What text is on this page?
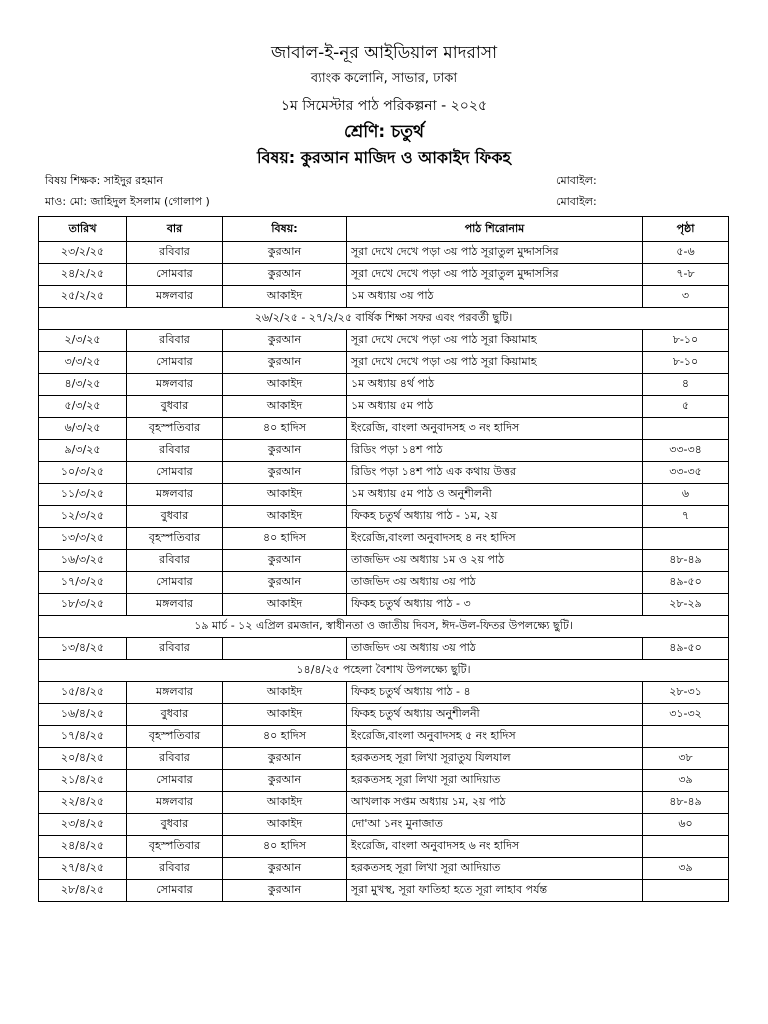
জাবাল-ই-নূর আইডিয়াল মাদরাসা
ব্যাংক কলোনি, সাভার, ঢাকা
১ম সিমেস্টার পাঠ পরিকল্পনা - ২০২৫
শ্রেণি: চতুর্থ
বিষয়: কুরআন মাজিদ ও আকাইদ ফিকহ
বিষয় শিক্ষক: সাইদুর রহমান	মোবাইল:
মাও: মো: জাহিদুল ইসলাম (গোলাপ )	মোবাইল:
তারিখ	বার	বিষয়:	পাঠ শিরোনাম	পৃষ্ঠা
২৩/২/২৫	রবিবার	কুরআন	সূরা দেখে দেখে পড়া ৩য় পাঠ সূরাতুল মুদ্দাসসির	৫-৬
২৪/২/২৫	সোমবার	কুরআন	সূরা দেখে দেখে পড়া ৩য় পাঠ সূরাতুল মুদ্দাসসির	৭-৮
২৫/২/২৫	মঙ্গলবার	আকাইদ	১ম অধ্যায় ৩য় পাঠ	৩
২৬/২/২৫ - ২৭/২/২৫ বার্ষিক শিক্ষা সফর এবং পরবর্তী ছুটি।				
২/৩/২৫	রবিবার	কুরআন	সূরা দেখে দেখে পড়া ৩য় পাঠ সূরা কিয়ামাহ	৮-১০
৩/৩/২৫	সোমবার	কুরআন	সূরা দেখে দেখে পড়া ৩য় পাঠ সূরা কিয়ামাহ	৮-১০
৪/৩/২৫	মঙ্গলবার	আকাইদ	১ম অধ্যায় ৪র্থ পাঠ	৪
৫/৩/২৫	বুধবার	আকাইদ	১ম অধ্যায় ৫ম পাঠ	৫
৬/৩/২৫	বৃহস্পতিবার	৪০ হাদিস	ইংরেজি, বাংলা অনুবাদসহ ৩ নং হাদিস	
৯/৩/২৫	রবিবার	কুরআন	রিডিং পড়া ১৪শ পাঠ	৩৩-৩৪
১০/৩/২৫	সোমবার	কুরআন	রিডিং পড়া ১৪শ পাঠ এক কথায় উত্তর	৩৩-৩৫
১১/৩/২৫	মঙ্গলবার	আকাইদ	১ম অধ্যায় ৫ম পাঠ ও অনুশীলনী	৬
১২/৩/২৫	বুধবার	আকাইদ	ফিকহ চতুর্থ অধ্যায় পাঠ - ১ম, ২য়	৭
১৩/৩/২৫	বৃহস্পতিবার	৪০ হাদিস	ইংরেজি,বাংলা অনুবাদসহ ৪ নং হাদিস	
১৬/৩/২৫	রবিবার	কুরআন	তাজভিদ ৩য় অধ্যায় ১ম ও ২য় পাঠ	৪৮-৪৯
১৭/৩/২৫	সোমবার	কুরআন	তাজভিদ ৩য় অধ্যায় ৩য় পাঠ	৪৯-৫০
১৮/৩/২৫	মঙ্গলবার	আকাইদ	ফিকহ চতুর্থ অধ্যায় পাঠ - ৩	২৮-২৯
১৯ মার্চ - ১২ এপ্রিল রমজান, স্বাধীনতা ও জাতীয় দিবস, ঈদ-উল-ফিতর উপলক্ষ্যে ছুটি।				
১৩/৪/২৫	রবিবার		তাজভিদ ৩য় অধ্যায় ৩য় পাঠ	৪৯-৫০
১৪/৪/২৫ পহেলা বৈশাখ উপলক্ষ্যে ছুটি।				
১৫/৪/২৫	মঙ্গলবার	আকাইদ	ফিকহ চতুর্থ অধ্যায় পাঠ - ৪	২৮-৩১
১৬/৪/২৫	বুধবার	আকাইদ	ফিকহ চতুর্থ অধ্যায় অনুশীলনী	৩১-৩২
১৭/৪/২৫	বৃহস্পতিবার	৪০ হাদিস	ইংরেজি,বাংলা অনুবাদসহ ৫ নং হাদিস	
২০/৪/২৫	রবিবার	কুরআন	হরকতসহ সূরা লিখা সূরাতুয যিলযাল	৩৮
২১/৪/২৫	সোমবার	কুরআন	হরকতসহ সূরা লিখা সূরা আদিয়াত	৩৯
২২/৪/২৫	মঙ্গলবার	আকাইদ	আখলাক সপ্তম অধ্যায় ১ম, ২য় পাঠ	৪৮-৪৯
২৩/৪/২৫	বুধবার	আকাইদ	দো'আ ১নং মুনাজাত	৬০
২৪/৪/২৫	বৃহস্পতিবার	৪০ হাদিস	ইংরেজি, বাংলা অনুবাদসহ ৬ নং হাদিস	
২৭/৪/২৫	রবিবার	কুরআন	হরকতসহ সূরা লিখা সূরা আদিয়াত	৩৯
২৮/৪/২৫	সোমবার	কুরআন	সূরা মুখস্থ, সূরা ফাতিহা হতে সূরা লাহাব পর্যন্ত	
